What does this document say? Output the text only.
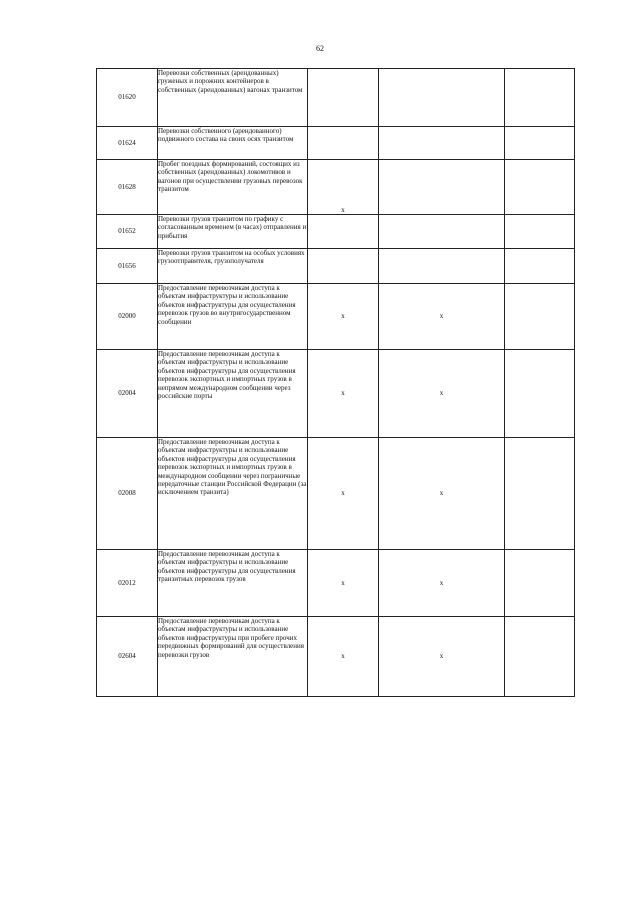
62
01620	Перевозки собственных (арендованных) груженых и порожних контейнеров в собственных (арендованных) вагонах транзитом			
01624	Перевозки собственного (арендованного) подвижного состава на своих осях транзитом			
01628	Пробег поездных формирований, состоящих из собственных (арендованных) локомотивов и вагонов при осуществлении грузовых перевозок транзитом	x		
01652	Перевозки грузов транзитом по графику с согласованным временем (в часах) отправления и прибытия			
01656	Перевозки грузов транзитом на особых условиях грузоотправителя, грузополучателя			
02000	Предоставление перевозчикам доступа к объектам инфраструктуры и использование объектов инфраструктуры для осуществления перевозок грузов во внутригосударственном сообщении	x	x	
02004	Предоставление перевозчикам доступа к объектам инфраструктуры и использование объектов инфраструктуры для осуществления перевозок экспортных и импортных грузов в непрямом международном сообщении через российские порты	x	x	
02008	Предоставление перевозчикам доступа к объектам инфраструктуры и использование объектов инфраструктуры для осуществления перевозок экспортных и импортных грузов в международном сообщении через пограничные передаточные станции Российской Федерации (за исключением транзита)	x	x	
02012	Предоставление перевозчикам доступа к объектам инфраструктуры и использование объектов инфраструктуры для осуществления транзитных перевозок грузов	x	x	
02604	Предоставление перевозчикам доступа к объектам инфраструктуры и использование объектов инфраструктуры при пробеге прочих передвижных формирований для осуществления перевозки грузов	x	x	
